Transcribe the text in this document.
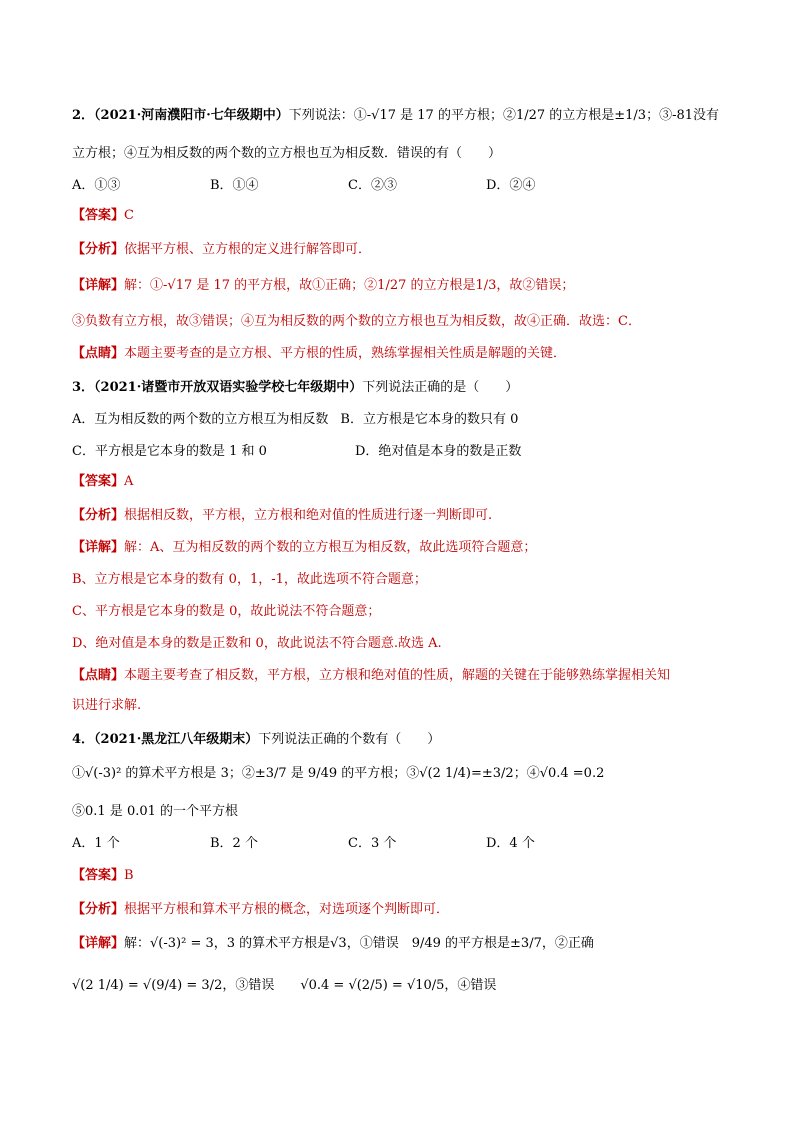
2．（2021·河南濮阳市·七年级期中）下列说法：①-√17 是 17 的平方根；②1/27 的立方根是±1/3；③-81没有
立方根；④互为相反数的两个数的立方根也互为相反数．错误的有（　　）
A．①③	B．①④	C．②③	D．②④
【答案】C
【分析】依据平方根、立方根的定义进行解答即可．
【详解】解：①-√17 是 17 的平方根，故①正确；②1/27 的立方根是1/3，故②错误；
③负数有立方根，故③错误；④互为相反数的两个数的立方根也互为相反数，故④正确．故选：C．
【点睛】本题主要考查的是立方根、平方根的性质，熟练掌握相关性质是解题的关键．
3．（2021·诸暨市开放双语实验学校七年级期中）下列说法正确的是（　　）
A．互为相反数的两个数的立方根互为相反数 B．立方根是它本身的数只有 0
C．平方根是它本身的数是 1 和 0	D．绝对值是本身的数是正数
【答案】A
【分析】根据相反数，平方根，立方根和绝对值的性质进行逐一判断即可.
【详解】解：A、互为相反数的两个数的立方根互为相反数，故此选项符合题意；
B、立方根是它本身的数有 0，1，-1，故此选项不符合题意；
C、平方根是它本身的数是 0，故此说法不符合题意；
D、绝对值是本身的数是正数和 0，故此说法不符合题意.故选 A.
【点睛】本题主要考查了相反数，平方根，立方根和绝对值的性质，解题的关键在于能够熟练掌握相关知
识进行求解.
4．（2021·黑龙江八年级期末）下列说法正确的个数有（　　）
①√(-3)² 的算术平方根是 3；②±3/7 是 9/49 的平方根；③√(2 1/4)=±3/2；④√0.4 =0.2
⑤0.1 是 0.01 的一个平方根
A．1 个	B．2 个	C．3 个	D．4 个
【答案】B
【分析】根据平方根和算术平方根的概念，对选项逐个判断即可．
【详解】解：√(-3)² = 3，3 的算术平方根是√3，①错误　9/49 的平方根是±3/7，②正确
√(2 1/4) = √(9/4) = 3/2，③错误　　√0.4 = √(2/5) = √10/5，④错误
